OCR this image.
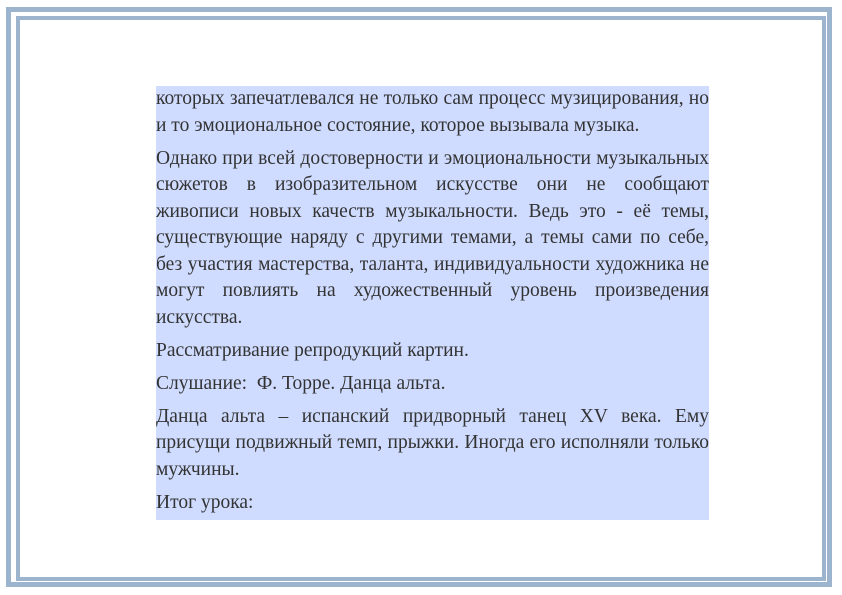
которых запечатлевался не только сам процесс музицирования, но и то эмоциональное состояние, которое вызывала музыка.

Однако при всей достоверности и эмоциональности музыкальных сюжетов в изобразительном искусстве они не сообщают живописи новых качеств музыкальности. Ведь это - её темы, существующие наряду с другими темами, а темы сами по себе, без участия мастерства, таланта, индивидуальности художника не могут повлиять на художественный уровень произведения искусства.

Рассматривание репродукций картин.

Слушание:  Ф. Торре. Данца альта.

Данца альта – испанский придворный танец XV века. Ему присущи подвижный темп, прыжки. Иногда его исполняли только мужчины.

Итог урока:
